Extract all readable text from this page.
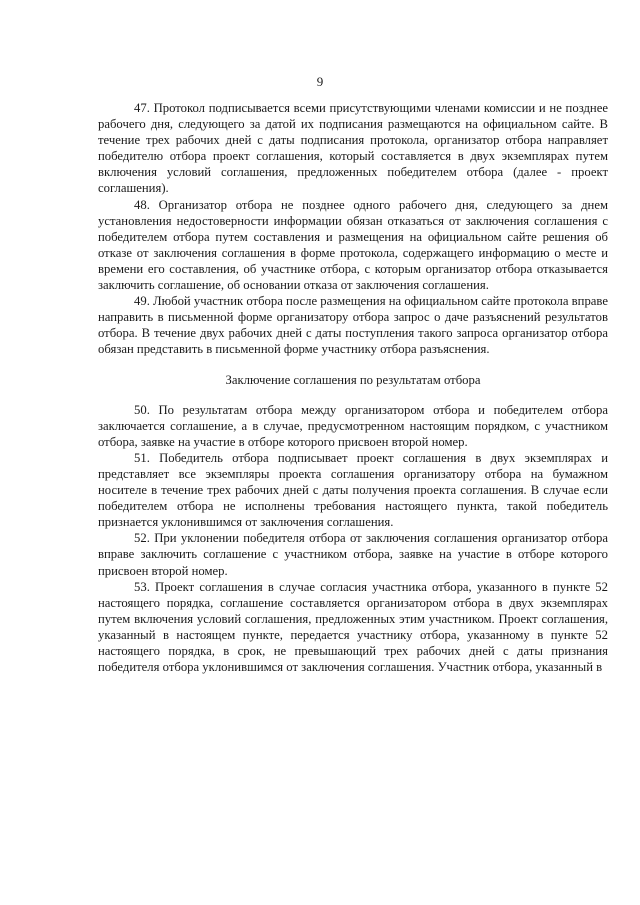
9

47. Протокол подписывается всеми присутствующими членами комиссии и не позднее рабочего дня, следующего за датой их подписания размещаются на официальном сайте. В течение трех рабочих дней с даты подписания протокола, организатор отбора направляет победителю отбора проект соглашения, который составляется в двух экземплярах путем включения условий соглашения, предложенных победителем отбора (далее - проект соглашения).

48. Организатор отбора не позднее одного рабочего дня, следующего за днем установления недостоверности информации обязан отказаться от заключения соглашения с победителем отбора путем составления и размещения на официальном сайте решения об отказе от заключения соглашения в форме протокола, содержащего информацию о месте и времени его составления, об участнике отбора, с которым организатор отбора отказывается заключить соглашение, об основании отказа от заключения соглашения.

49. Любой участник отбора после размещения на официальном сайте протокола вправе направить в письменной форме организатору отбора запрос о даче разъяснений результатов отбора. В течение двух рабочих дней с даты поступления такого запроса организатор отбора обязан представить в письменной форме участнику отбора разъяснения.

Заключение соглашения по результатам отбора

50. По результатам отбора между организатором отбора и победителем отбора заключается соглашение, а в случае, предусмотренном настоящим порядком, с участником отбора, заявке на участие в отборе которого присвоен второй номер.

51. Победитель отбора подписывает проект соглашения в двух экземплярах и представляет все экземпляры проекта соглашения организатору отбора на бумажном носителе в течение трех рабочих дней с даты получения проекта соглашения. В случае если победителем отбора не исполнены требования настоящего пункта, такой победитель признается уклонившимся от заключения соглашения.

52. При уклонении победителя отбора от заключения соглашения организатор отбора вправе заключить соглашение с участником отбора, заявке на участие в отборе которого присвоен второй номер.

53. Проект соглашения в случае согласия участника отбора, указанного в пункте 52 настоящего порядка, соглашение составляется организатором отбора в двух экземплярах путем включения условий соглашения, предложенных этим участником. Проект соглашения, указанный в настоящем пункте, передается участнику отбора, указанному в пункте 52 настоящего порядка, в срок, не превышающий трех рабочих дней с даты признания победителя отбора уклонившимся от заключения соглашения. Участник отбора, указанный в
